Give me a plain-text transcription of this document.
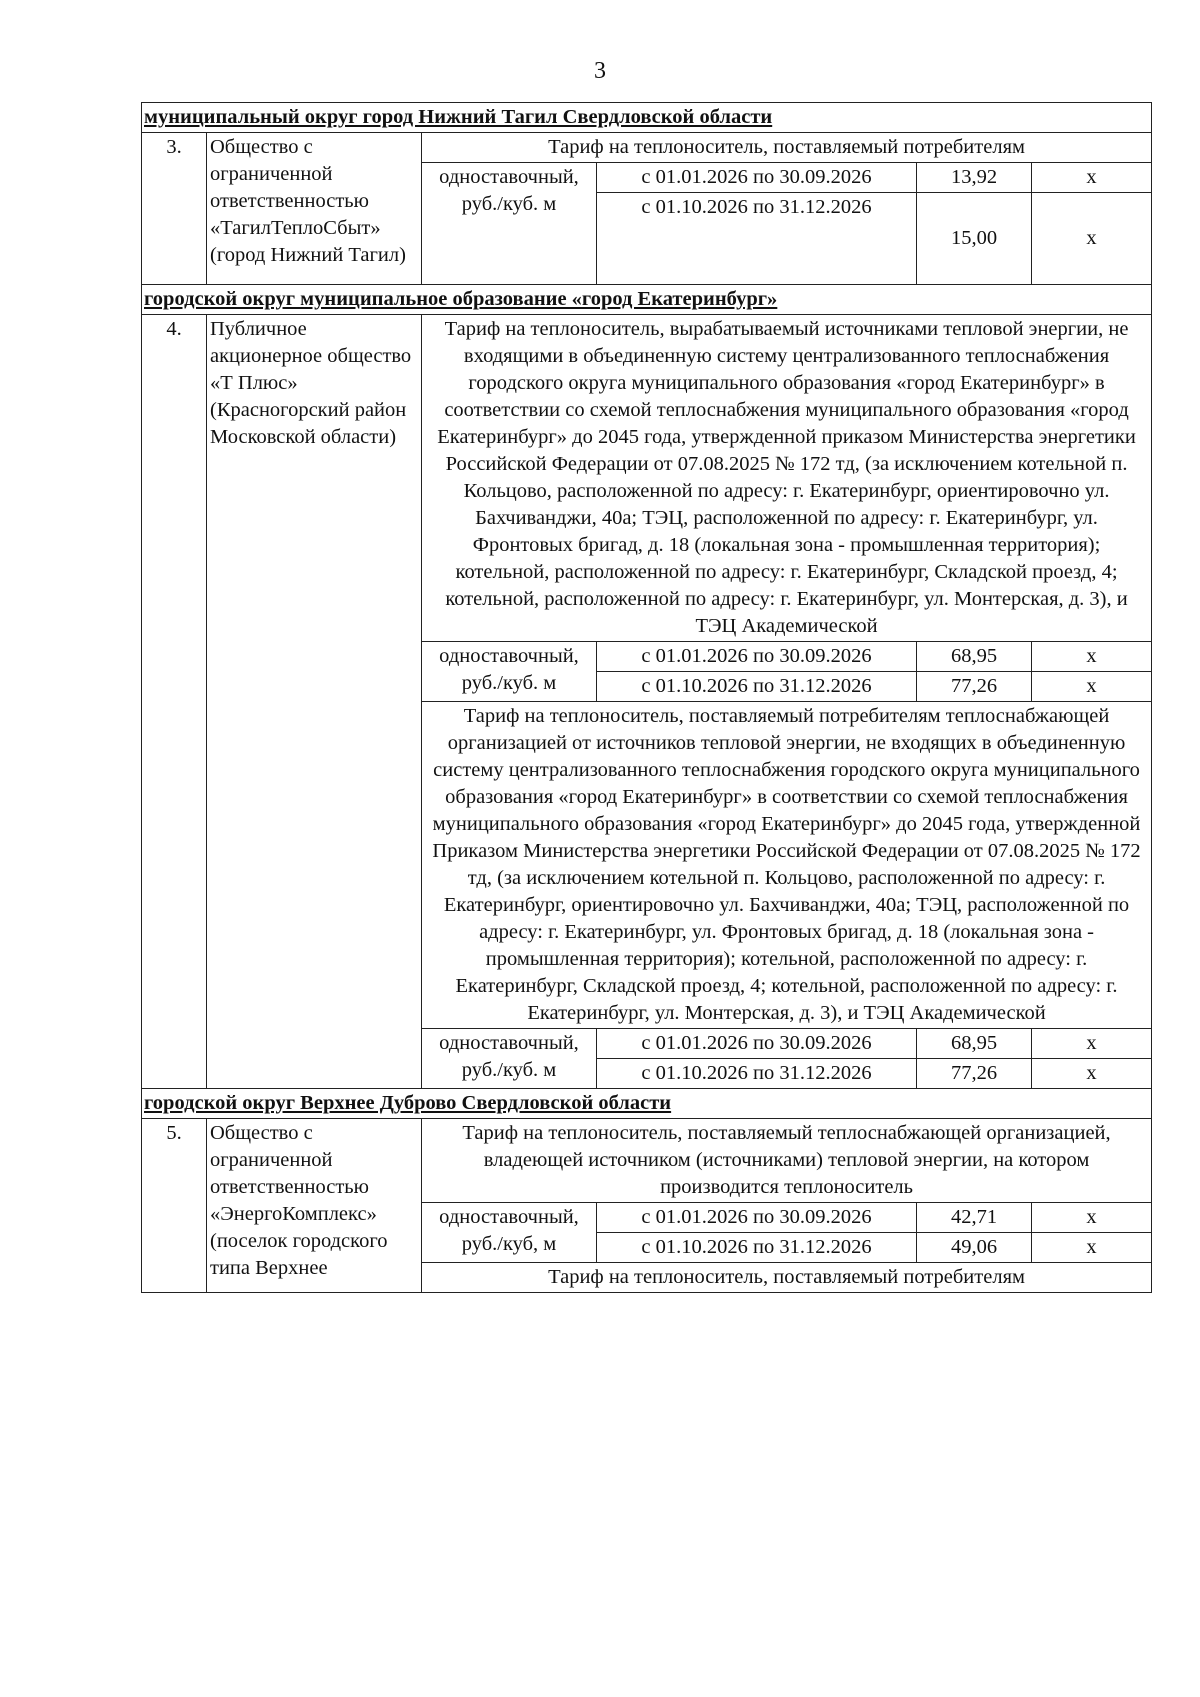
3
муниципальный округ город Нижний Тагил Свердловской области					
3.	Общество с ограниченной ответственностью «ТагилТеплоСбыт» (город Нижний Тагил)	Тариф на теплоноситель, поставляемый потребителям			
		одноставочный, руб./куб. м	с 01.01.2026 по 30.09.2026	13,92	x
			с 01.10.2026 по 31.12.2026	15,00	x
городской округ муниципальное образование «город Екатеринбург»					
4.	Публичное акционерное общество «Т Плюс» (Красногорский район Московской области)	Тариф на теплоноситель, вырабатываемый источниками тепловой энергии, не входящими в объединенную систему централизованного теплоснабжения городского округа муниципального образования «город Екатеринбург» в соответствии со схемой теплоснабжения муниципального образования «город Екатеринбург» до 2045 года, утвержденной приказом Министерства энергетики Российской Федерации от 07.08.2025 № 172 тд, (за исключением котельной п. Кольцово, расположенной по адресу: г. Екатеринбург, ориентировочно ул. Бахчиванджи, 40а; ТЭЦ, расположенной по адресу: г. Екатеринбург, ул. Фронтовых бригад, д. 18 (локальная зона - промышленная территория); котельной, расположенной по адресу: г. Екатеринбург, Складской проезд, 4; котельной, расположенной по адресу: г. Екатеринбург, ул. Монтерская, д. 3), и ТЭЦ Академической			
		одноставочный, руб./куб. м	с 01.01.2026 по 30.09.2026	68,95	x
			с 01.10.2026 по 31.12.2026	77,26	x
		Тариф на теплоноситель, поставляемый потребителям теплоснабжающей организацией от источников тепловой энергии, не входящих в объединенную систему централизованного теплоснабжения городского округа муниципального образования «город Екатеринбург» в соответствии со схемой теплоснабжения муниципального образования «город Екатеринбург» до 2045 года, утвержденной Приказом Министерства энергетики Российской Федерации от 07.08.2025 № 172 тд, (за исключением котельной п. Кольцово, расположенной по адресу: г. Екатеринбург, ориентировочно ул. Бахчиванджи, 40а; ТЭЦ, расположенной по адресу: г. Екатеринбург, ул. Фронтовых бригад, д. 18 (локальная зона - промышленная территория); котельной, расположенной по адресу: г. Екатеринбург, Складской проезд, 4; котельной, расположенной по адресу: г. Екатеринбург, ул. Монтерская, д. 3), и ТЭЦ Академической			
		одноставочный, руб./куб. м	с 01.01.2026 по 30.09.2026	68,95	x
			с 01.10.2026 по 31.12.2026	77,26	x
городской округ Верхнее Дуброво Свердловской области					
5.	Общество с ограниченной ответственностью «ЭнергоКомплекс» (поселок городского типа Верхнее	Тариф на теплоноситель, поставляемый теплоснабжающей организацией, владеющей источником (источниками) тепловой энергии, на котором производится теплоноситель			
		одноставочный, руб./куб, м	с 01.01.2026 по 30.09.2026	42,71	x
			с 01.10.2026 по 31.12.2026	49,06	x
		Тариф на теплоноситель, поставляемый потребителям			
